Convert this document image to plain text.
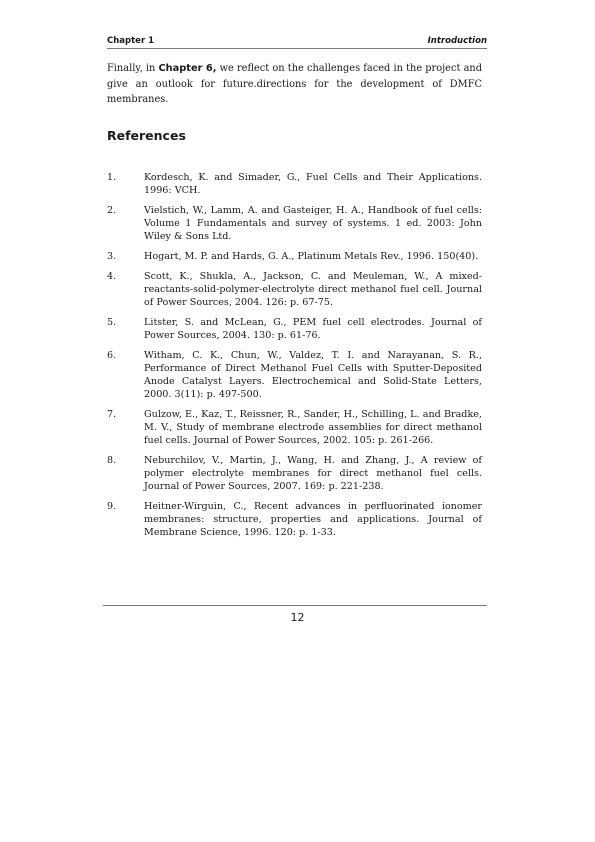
Chapter 1	Introduction

Finally, in Chapter 6, we reflect on the challenges faced in the project and give an outlook for future.directions for the development of DMFC membranes.

References
1.	Kordesch, K. and Simader, G., Fuel Cells and Their Applications. 1996: VCH.
2.	Vielstich, W., Lamm, A. and Gasteiger, H. A., Handbook of fuel cells: Volume 1 Fundamentals and survey of systems. 1 ed. 2003: John Wiley & Sons Ltd.
3.	Hogart, M. P. and Hards, G. A., Platinum Metals Rev., 1996. 150(40).
4.	Scott, K., Shukla, A., Jackson, C. and Meuleman, W., A mixed-reactants-solid-polymer-electrolyte direct methanol fuel cell. Journal of Power Sources, 2004. 126: p. 67-75.
5.	Litster, S. and McLean, G., PEM fuel cell electrodes. Journal of Power Sources, 2004. 130: p. 61-76.
6.	Witham, C. K., Chun, W., Valdez, T. I. and Narayanan, S. R., Performance of Direct Methanol Fuel Cells with Sputter-Deposited Anode Catalyst Layers. Electrochemical and Solid-State Letters, 2000. 3(11): p. 497-500.
7.	Gulzow, E., Kaz, T., Reissner, R., Sander, H., Schilling, L. and Bradke, M. V., Study of membrane electrode assemblies for direct methanol fuel cells. Journal of Power Sources, 2002. 105: p. 261-266.
8.	Neburchilov, V., Martin, J., Wang, H. and Zhang, J., A review of polymer electrolyte membranes for direct methanol fuel cells. Journal of Power Sources, 2007. 169: p. 221-238.
9.	Heitner-Wirguin, C., Recent advances in perfluorinated ionomer membranes: structure, properties and applications. Journal of Membrane Science, 1996. 120: p. 1-33.
12
